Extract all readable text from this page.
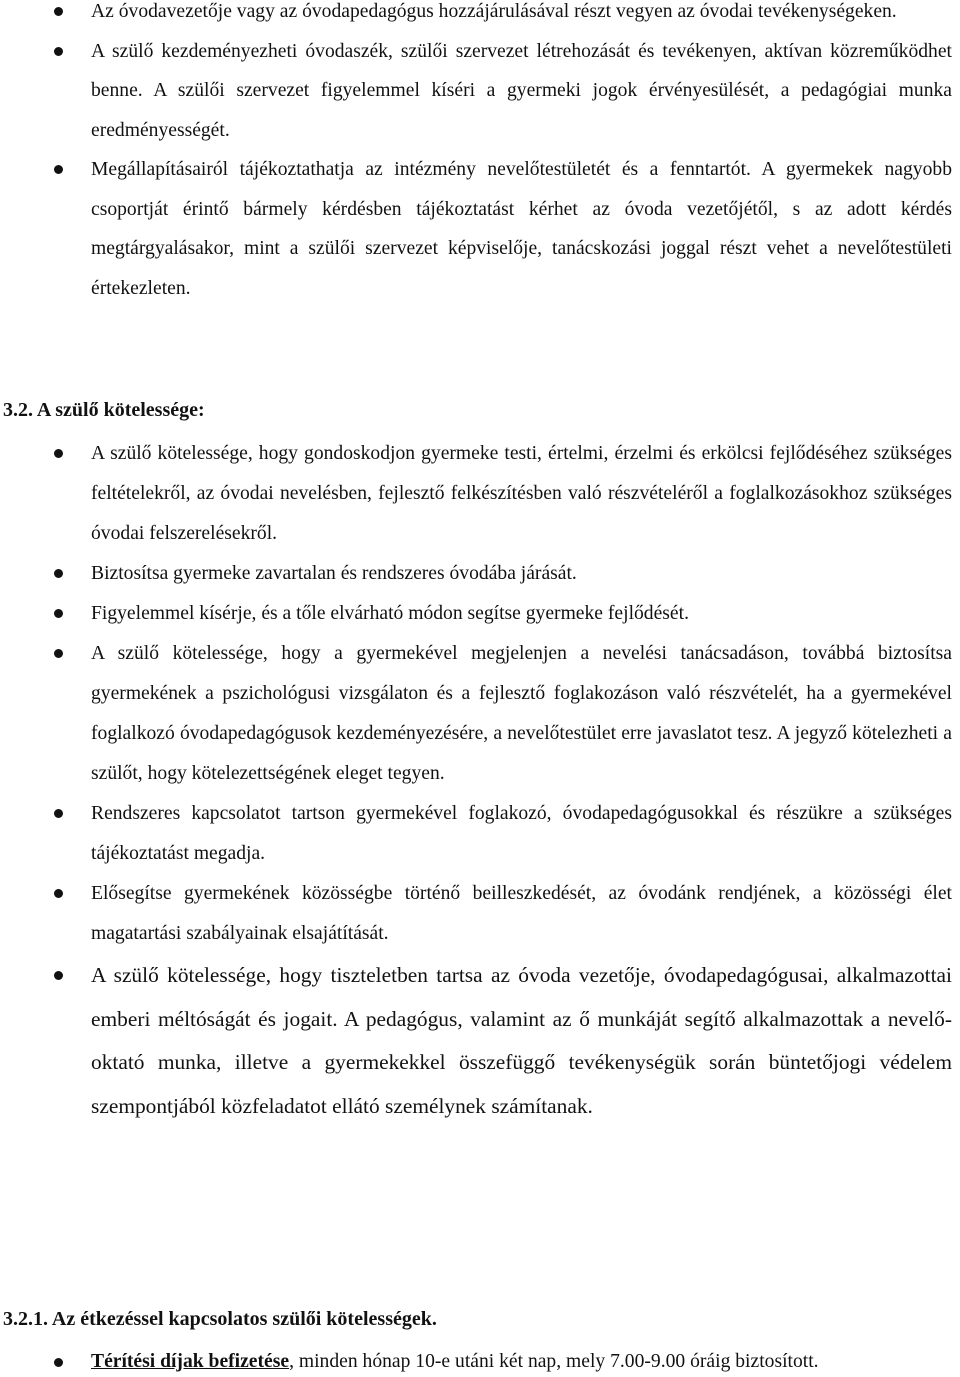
Az óvodavezetője vagy az óvodapedagógus hozzájárulásával részt vegyen az óvodai tevékenységeken.
A szülő kezdeményezheti óvodaszék, szülői szervezet létrehozását és tevékenyen, aktívan közreműködhet benne. A szülői szervezet figyelemmel kíséri a gyermeki jogok érvényesülését, a pedagógiai munka eredményességét.
Megállapításairól tájékoztathatja az intézmény nevelőtestületét és a fenntartót. A gyermekek nagyobb csoportját érintő bármely kérdésben tájékoztatást kérhet az óvoda vezetőjétől, s az adott kérdés megtárgyalásakor, mint a szülői szervezet képviselője, tanácskozási joggal részt vehet a nevelőtestületi értekezleten.
3.2. A szülő kötelessége:
A szülő kötelessége, hogy gondoskodjon gyermeke testi, értelmi, érzelmi és erkölcsi fejlődéséhez szükséges feltételekről, az óvodai nevelésben, fejlesztő felkészítésben való részvételéről a foglalkozásokhoz szükséges óvodai felszerelésekről.
Biztosítsa gyermeke zavartalan és rendszeres óvodába járását.
Figyelemmel kísérje, és a tőle elvárható módon segítse gyermeke fejlődését.
A szülő kötelessége, hogy a gyermekével megjelenjen a nevelési tanácsadáson, továbbá biztosítsa gyermekének a pszichológusi vizsgálaton és a fejlesztő foglakozáson való részvételét, ha a gyermekével foglalkozó óvodapedagógusok kezdeményezésére, a nevelőtestület erre javaslatot tesz. A jegyző kötelezheti a szülőt, hogy kötelezettségének eleget tegyen.
Rendszeres kapcsolatot tartson gyermekével foglakozó, óvodapedagógusokkal és részükre a szükséges tájékoztatást megadja.
Elősegítse gyermekének közösségbe történő beilleszkedését, az óvodánk rendjének, a közösségi élet magatartási szabályainak elsajátítását.
A szülő kötelessége, hogy tiszteletben tartsa az óvoda vezetője, óvodapedagógusai, alkalmazottai emberi méltóságát és jogait. A pedagógus, valamint az ő munkáját segítő alkalmazottak a nevelő-oktató munka, illetve a gyermekekkel összefüggő tevékenységük során büntetőjogi védelem szempontjából közfeladatot ellátó személynek számítanak.
3.2.1. Az étkezéssel kapcsolatos szülői kötelességek.
Térítési díjak befizetése, minden hónap 10-e utáni két nap, mely 7.00-9.00 óráig biztosított.
